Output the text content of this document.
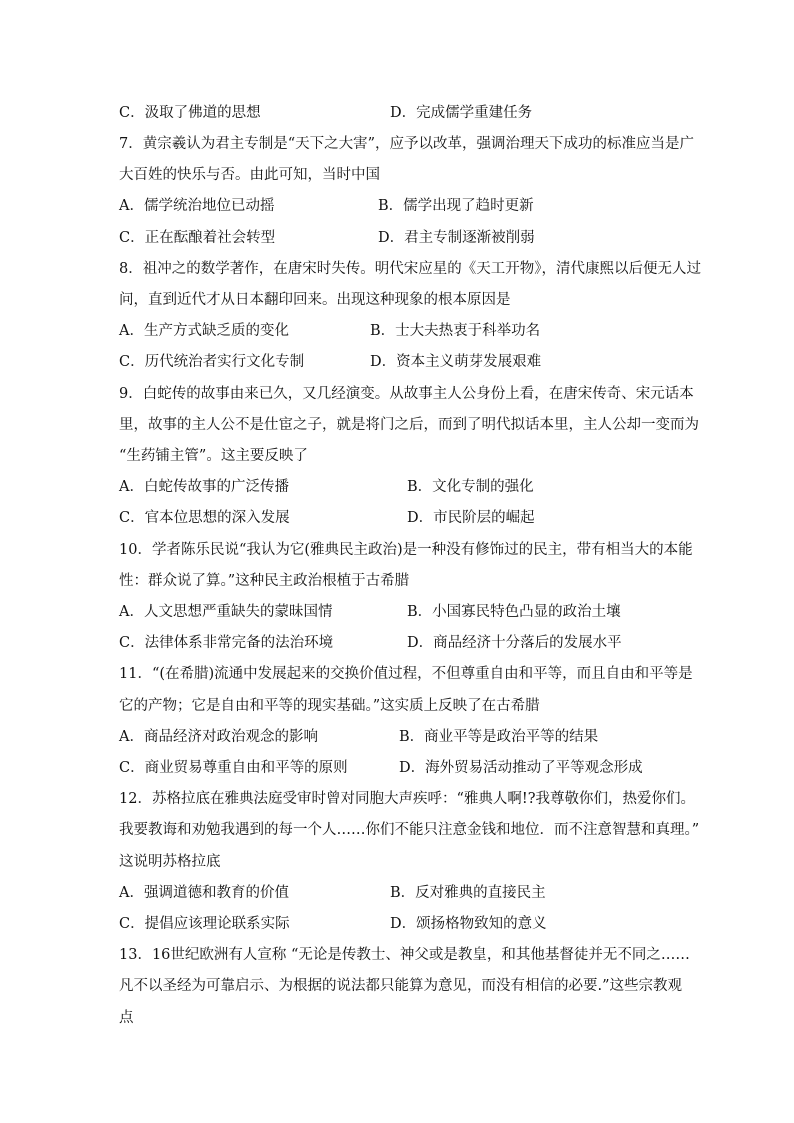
C．汲取了佛道的思想	D．完成儒学重建任务
7．黄宗羲认为君主专制是“天下之大害”，应予以改革，强调治理天下成功的标准应当是广
大百姓的快乐与否。由此可知，当时中国
A．儒学统治地位已动摇	B．儒学出现了趋时更新
C．正在酝酿着社会转型	D．君主专制逐渐被削弱
8．祖冲之的数学著作，在唐宋时失传。明代宋应星的《天工开物》，清代康熙以后便无人过
问，直到近代才从日本翻印回来。出现这种现象的根本原因是
A．生产方式缺乏质的变化	B．士大夫热衷于科举功名
C．历代统治者实行文化专制	D．资本主义萌芽发展艰难
9．白蛇传的故事由来已久，又几经演变。从故事主人公身份上看，在唐宋传奇、宋元话本
里，故事的主人公不是仕宦之子，就是将门之后，而到了明代拟话本里，主人公却一变而为
“生药铺主管”。这主要反映了
A．白蛇传故事的广泛传播	B．文化专制的强化
C．官本位思想的深入发展	D．市民阶层的崛起
10．学者陈乐民说“我认为它(雅典民主政治)是一种没有修饰过的民主，带有相当大的本能
性：群众说了算。”这种民主政治根植于古希腊
A．人文思想严重缺失的蒙昧国情	B．小国寡民特色凸显的政治土壤
C．法律体系非常完备的法治环境	D．商品经济十分落后的发展水平
11．“(在希腊)流通中发展起来的交换价值过程，不但尊重自由和平等，而且自由和平等是
它的产物；它是自由和平等的现实基础。”这实质上反映了在古希腊
A．商品经济对政治观念的影响	B．商业平等是政治平等的结果
C．商业贸易尊重自由和平等的原则	D．海外贸易活动推动了平等观念形成
12．苏格拉底在雅典法庭受审时曾对同胞大声疾呼：“雅典人啊!?我尊敬你们，热爱你们。
我要教诲和劝勉我遇到的每一个人……你们不能只注意金钱和地位．而不注意智慧和真理。”
这说明苏格拉底
A．强调道德和教育的价值	B．反对雅典的直接民主
C．提倡应该理论联系实际	D．颂扬格物致知的意义
13．16世纪欧洲有人宣称 “无论是传教士、神父或是教皇，和其他基督徒并无不同之……
凡不以圣经为可靠启示、为根据的说法都只能算为意见，而没有相信的必要.”这些宗教观
点
